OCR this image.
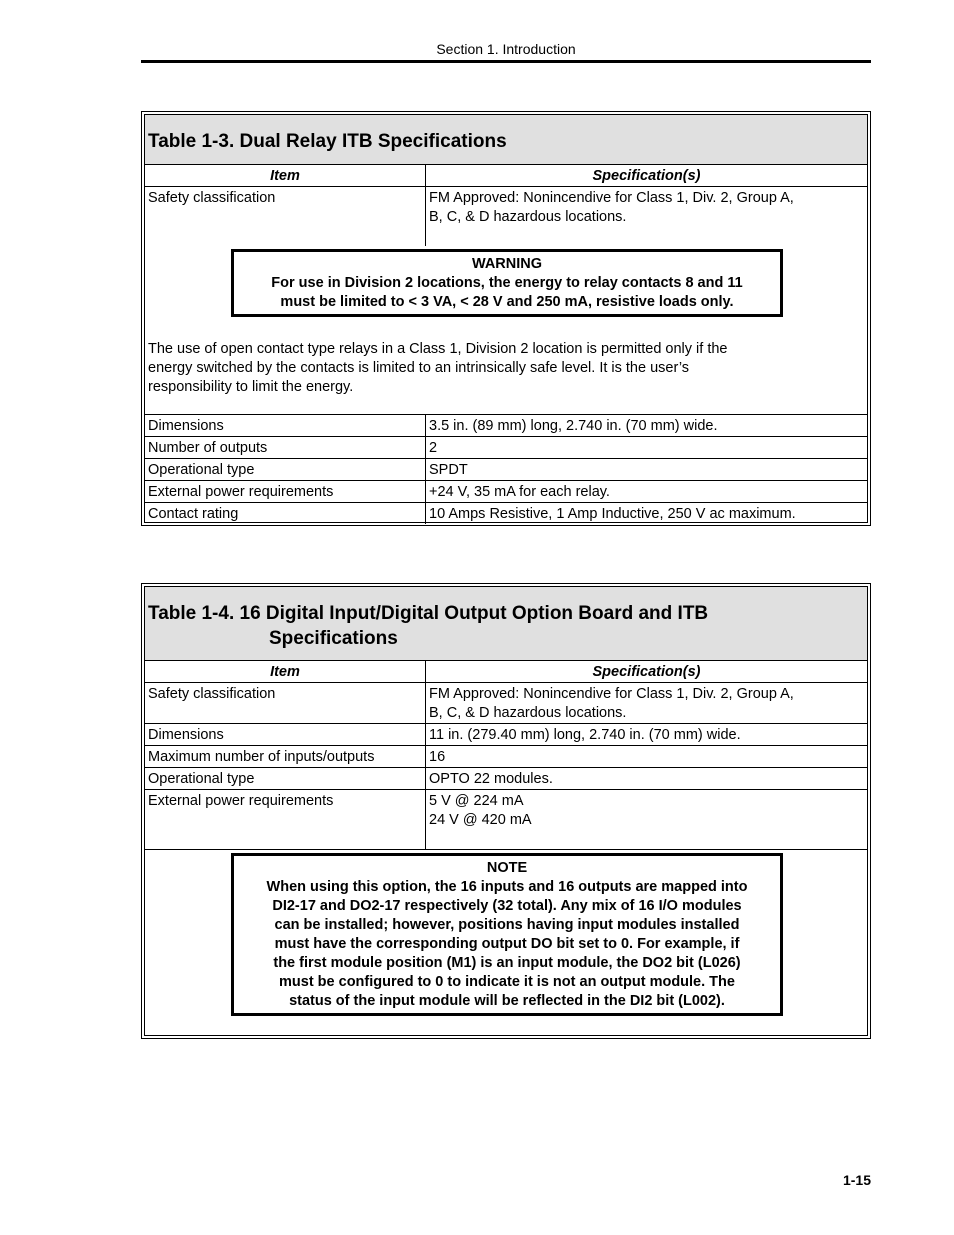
Section 1. Introduction
Table 1-3. Dual Relay ITB Specifications
Item	Specification(s)
Safety classification	FM Approved: Nonincendive for Class 1, Div. 2, Group A,
B, C, & D hazardous locations.
WARNING
For use in Division 2 locations, the energy to relay contacts 8 and 11
must be limited to < 3 VA, < 28 V and 250 mA, resistive loads only.
The use of open contact type relays in a Class 1, Division 2 location is permitted only if the
energy switched by the contacts is limited to an intrinsically safe level. It is the user’s
responsibility to limit the energy.
Dimensions	3.5 in. (89 mm) long, 2.740 in. (70 mm) wide.
Number of outputs	2
Operational type	SPDT
External power requirements	+24 V, 35 mA for each relay.
Contact rating	10 Amps Resistive, 1 Amp Inductive, 250 V ac maximum.
Table 1-4. 16 Digital Input/Digital Output Option Board and ITB
Specifications
Item	Specification(s)
Safety classification	FM Approved: Nonincendive for Class 1, Div. 2, Group A,
B, C, & D hazardous locations.
Dimensions	11 in. (279.40 mm) long, 2.740 in. (70 mm) wide.
Maximum number of inputs/outputs	16
Operational type	OPTO 22 modules.
External power requirements	5 V @ 224 mA
24 V @ 420 mA
NOTE
When using this option, the 16 inputs and 16 outputs are mapped into
DI2-17 and DO2-17 respectively (32 total). Any mix of 16 I/O modules
can be installed; however, positions having input modules installed
must have the corresponding output DO bit set to 0. For example, if
the first module position (M1) is an input module, the DO2 bit (L026)
must be configured to 0 to indicate it is not an output module. The
status of the input module will be reflected in the DI2 bit (L002).
1-15
